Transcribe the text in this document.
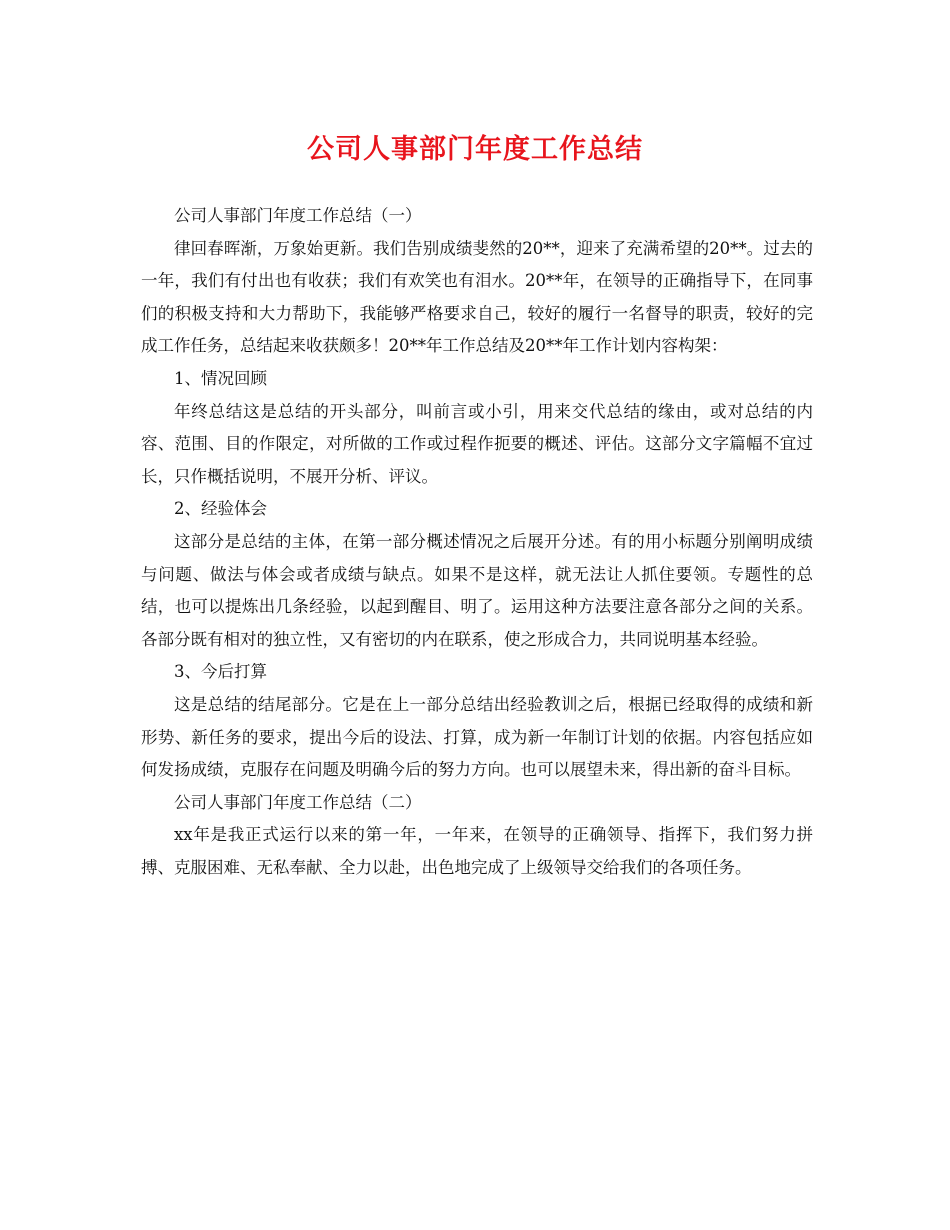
公司人事部门年度工作总结

公司人事部门年度工作总结（一）

律回春晖渐，万象始更新。我们告别成绩斐然的20**，迎来了充满希望的20**。过去的一年，我们有付出也有收获；我们有欢笑也有泪水。20**年，在领导的正确指导下，在同事们的积极支持和大力帮助下，我能够严格要求自己，较好的履行一名督导的职责，较好的完成工作任务，总结起来收获颇多！20**年工作总结及20**年工作计划内容构架：

1、情况回顾

年终总结这是总结的开头部分，叫前言或小引，用来交代总结的缘由，或对总结的内容、范围、目的作限定，对所做的工作或过程作扼要的概述、评估。这部分文字篇幅不宜过长，只作概括说明，不展开分析、评议。

2、经验体会

这部分是总结的主体，在第一部分概述情况之后展开分述。有的用小标题分别阐明成绩与问题、做法与体会或者成绩与缺点。如果不是这样，就无法让人抓住要领。专题性的总结，也可以提炼出几条经验，以起到醒目、明了。运用这种方法要注意各部分之间的关系。各部分既有相对的独立性，又有密切的内在联系，使之形成合力，共同说明基本经验。

3、今后打算

这是总结的结尾部分。它是在上一部分总结出经验教训之后，根据已经取得的成绩和新形势、新任务的要求，提出今后的设法、打算，成为新一年制订计划的依据。内容包括应如何发扬成绩，克服存在问题及明确今后的努力方向。也可以展望未来，得出新的奋斗目标。

公司人事部门年度工作总结（二）

xx年是我正式运行以来的第一年，一年来，在领导的正确领导、指挥下，我们努力拼搏、克服困难、无私奉献、全力以赴，出色地完成了上级领导交给我们的各项任务。
